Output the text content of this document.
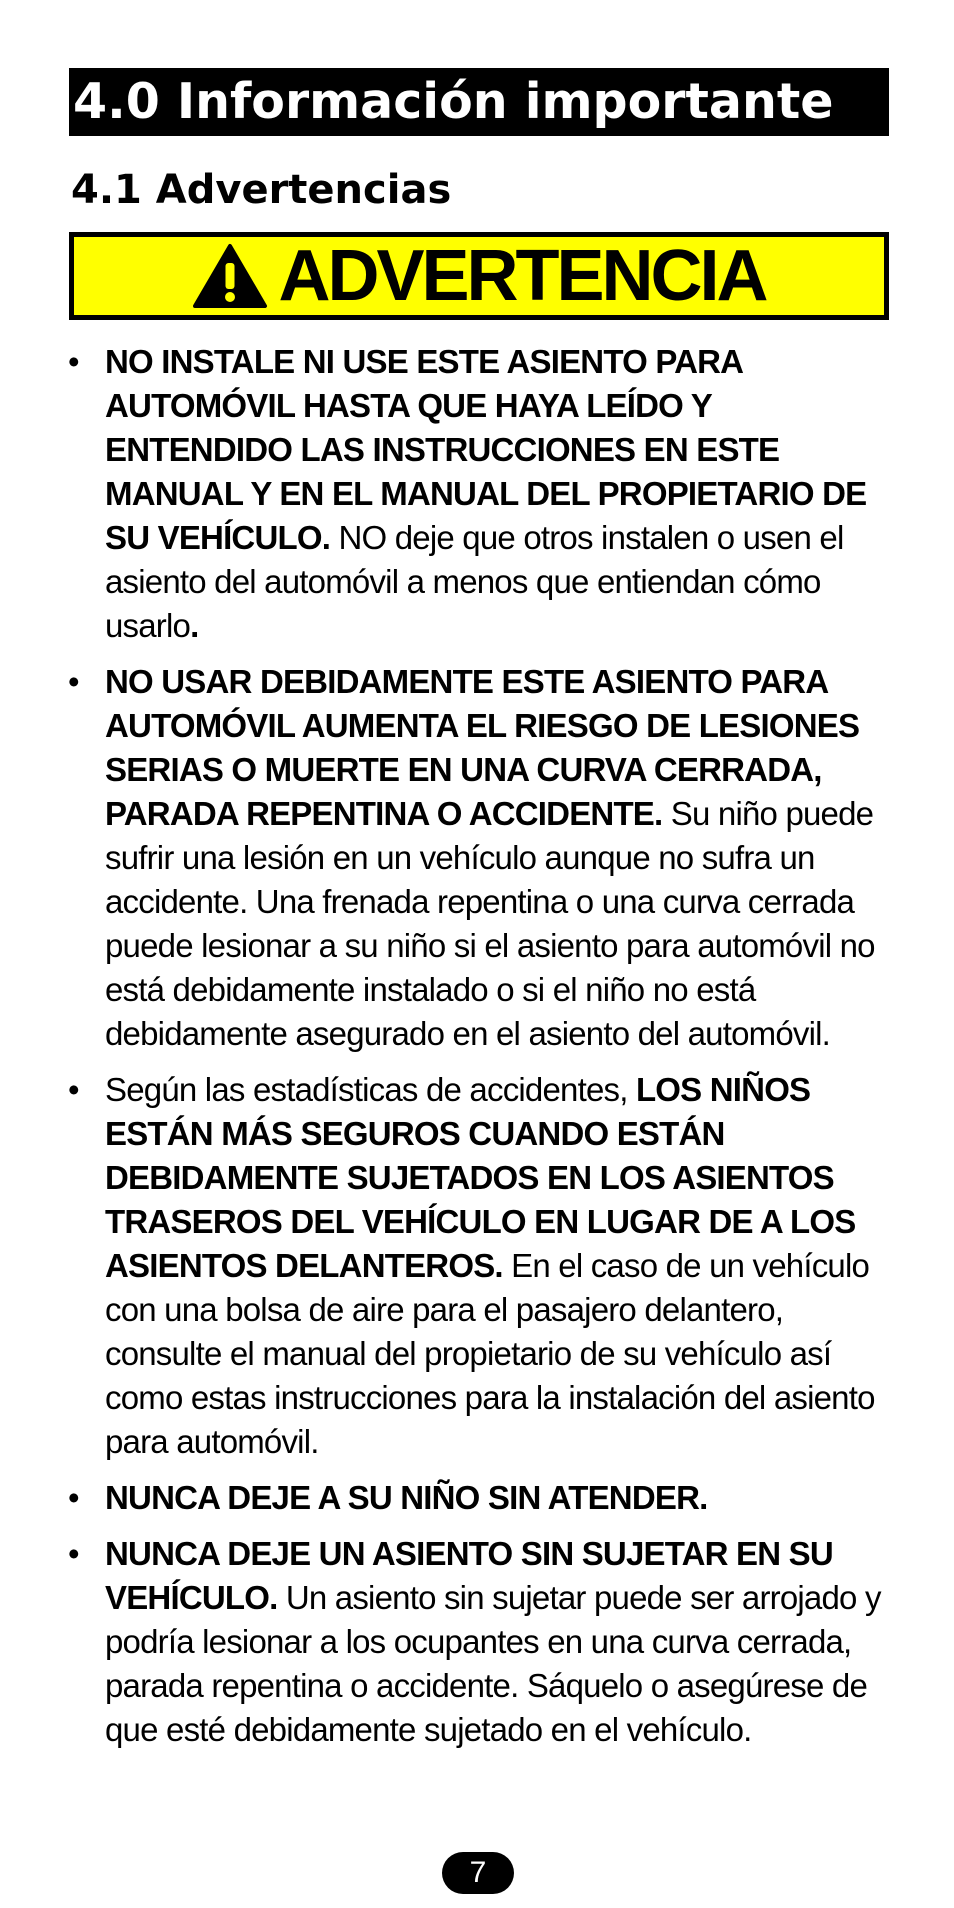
4.0 Información importante
4.1 Advertencias
ADVERTENCIA
• NO INSTALE NI USE ESTE ASIENTO PARA AUTOMÓVIL HASTA QUE HAYA LEÍDO Y ENTENDIDO LAS INSTRUCCIONES EN ESTE MANUAL Y EN EL MANUAL DEL PROPIETARIO DE SU VEHÍCULO. NO deje que otros instalen o usen el asiento del automóvil a menos que entiendan cómo usarlo.
• NO USAR DEBIDAMENTE ESTE ASIENTO PARA AUTOMÓVIL AUMENTA EL RIESGO DE LESIONES SERIAS O MUERTE EN UNA CURVA CERRADA, PARADA REPENTINA O ACCIDENTE. Su niño puede sufrir una lesión en un vehículo aunque no sufra un accidente. Una frenada repentina o una curva cerrada puede lesionar a su niño si el asiento para automóvil no está debidamente instalado o si el niño no está debidamente asegurado en el asiento del automóvil.
• Según las estadísticas de accidentes, LOS NIÑOS ESTÁN MÁS SEGUROS CUANDO ESTÁN DEBIDAMENTE SUJETADOS EN LOS ASIENTOS TRASEROS DEL VEHÍCULO EN LUGAR DE A LOS ASIENTOS DELANTEROS. En el caso de un vehículo con una bolsa de aire para el pasajero delantero, consulte el manual del propietario de su vehículo así como estas instrucciones para la instalación del asiento para automóvil.
• NUNCA DEJE A SU NIÑO SIN ATENDER.
• NUNCA DEJE UN ASIENTO SIN SUJETAR EN SU VEHÍCULO. Un asiento sin sujetar puede ser arrojado y podría lesionar a los ocupantes en una curva cerrada, parada repentina o accidente. Sáquelo o asegúrese de que esté debidamente sujetado en el vehículo.
7
